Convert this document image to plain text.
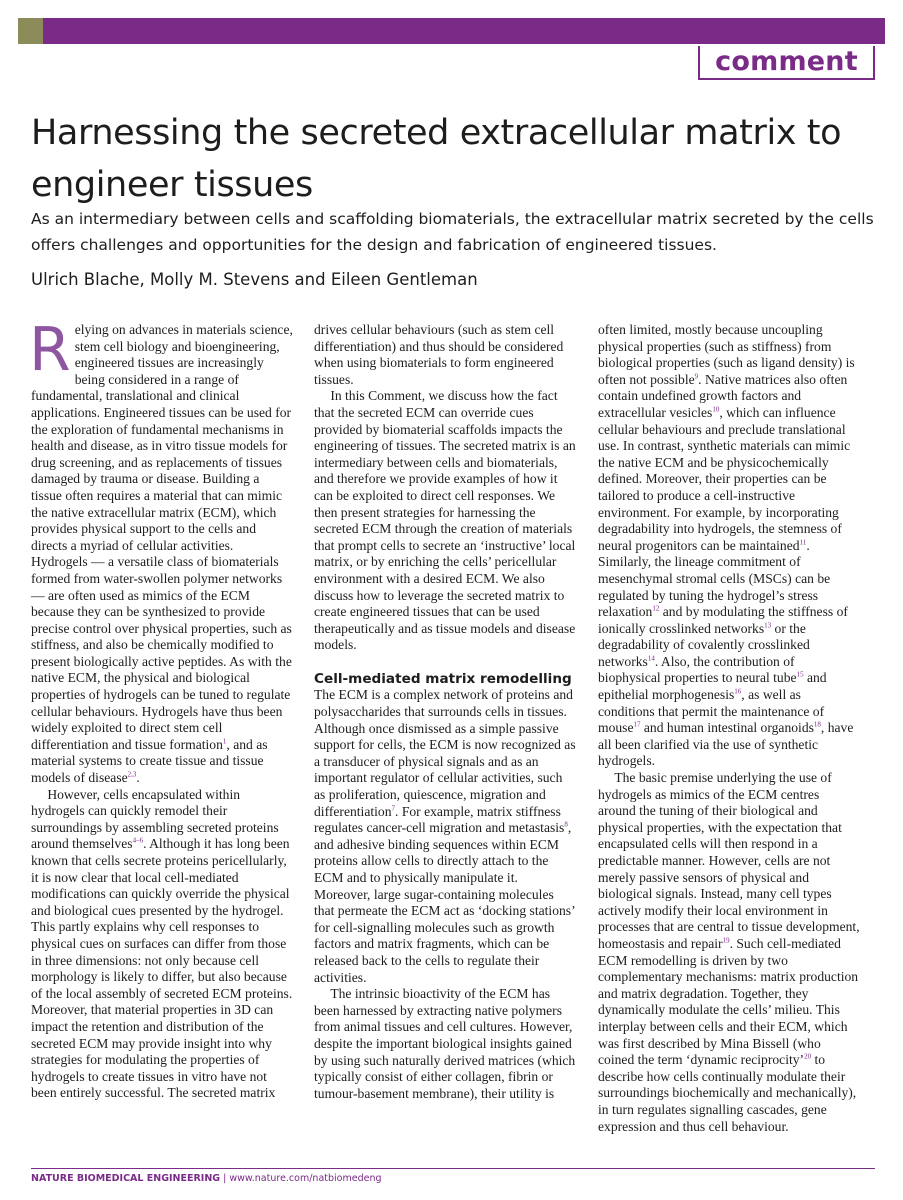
comment
Harnessing the secreted extracellular matrix to engineer tissues

As an intermediary between cells and scaffolding biomaterials, the extracellular matrix secreted by the cells offers challenges and opportunities for the design and fabrication of engineered tissues.

Ulrich Blache, Molly M. Stevens and Eileen Gentleman

Relying on advances in materials science, stem cell biology and bioengineering, engineered tissues are increasingly being considered in a range of fundamental, translational and clinical applications. Engineered tissues can be used for the exploration of fundamental mechanisms in health and disease, as in vitro tissue models for drug screening, and as replacements of tissues damaged by trauma or disease. Building a tissue often requires a material that can mimic the native extracellular matrix (ECM), which provides physical support to the cells and directs a myriad of cellular activities. Hydrogels — a versatile class of biomaterials formed from water-swollen polymer networks — are often used as mimics of the ECM because they can be synthesized to provide precise control over physical properties, such as stiffness, and also be chemically modified to present biologically active peptides. As with the native ECM, the physical and biological properties of hydrogels can be tuned to regulate cellular behaviours. Hydrogels have thus been widely exploited to direct stem cell differentiation and tissue formation$^1$, and as material systems to create tissue and tissue models of disease$^{2,3}$.

However, cells encapsulated within hydrogels can quickly remodel their surroundings by assembling secreted proteins around themselves$^{4-6}$. Although it has long been known that cells secrete proteins pericellularly, it is now clear that local cell-mediated modifications can quickly override the physical and biological cues presented by the hydrogel. This partly explains why cell responses to physical cues on surfaces can differ from those in three dimensions: not only because cell morphology is likely to differ, but also because of the local assembly of secreted ECM proteins. Moreover, that material properties in 3D can impact the retention and distribution of the secreted ECM may provide insight into why strategies for modulating the properties of hydrogels to create tissues in vitro have not been entirely successful. The secreted matrix

drives cellular behaviours (such as stem cell differentiation) and thus should be considered when using biomaterials to form engineered tissues.

In this Comment, we discuss how the fact that the secreted ECM can override cues provided by biomaterial scaffolds impacts the engineering of tissues. The secreted matrix is an intermediary between cells and biomaterials, and therefore we provide examples of how it can be exploited to direct cell responses. We then present strategies for harnessing the secreted ECM through the creation of materials that prompt cells to secrete an ‘instructive’ local matrix, or by enriching the cells’ pericellular environment with a desired ECM. We also discuss how to leverage the secreted matrix to create engineered tissues that can be used therapeutically and as tissue models and disease models.

Cell-mediated matrix remodelling

The ECM is a complex network of proteins and polysaccharides that surrounds cells in tissues. Although once dismissed as a simple passive support for cells, the ECM is now recognized as a transducer of physical signals and as an important regulator of cellular activities, such as proliferation, quiescence, migration and differentiation$^7$. For example, matrix stiffness regulates cancer-cell migration and metastasis$^8$, and adhesive binding sequences within ECM proteins allow cells to directly attach to the ECM and to physically manipulate it. Moreover, large sugar-containing molecules that permeate the ECM act as ‘docking stations’ for cell-signalling molecules such as growth factors and matrix fragments, which can be released back to the cells to regulate their activities.

The intrinsic bioactivity of the ECM has been harnessed by extracting native polymers from animal tissues and cell cultures. However, despite the important biological insights gained by using such naturally derived matrices (which typically consist of either collagen, fibrin or tumour-basement membrane), their utility is

often limited, mostly because uncoupling physical properties (such as stiffness) from biological properties (such as ligand density) is often not possible$^9$. Native matrices also often contain undefined growth factors and extracellular vesicles$^{10}$, which can influence cellular behaviours and preclude translational use. In contrast, synthetic materials can mimic the native ECM and be physicochemically defined. Moreover, their properties can be tailored to produce a cell-instructive environment. For example, by incorporating degradability into hydrogels, the stemness of neural progenitors can be maintained$^{11}$. Similarly, the lineage commitment of mesenchymal stromal cells (MSCs) can be regulated by tuning the hydrogel’s stress relaxation$^{12}$ and by modulating the stiffness of ionically crosslinked networks$^{13}$ or the degradability of covalently crosslinked networks$^{14}$. Also, the contribution of biophysical properties to neural tube$^{15}$ and epithelial morphogenesis$^{16}$, as well as conditions that permit the maintenance of mouse$^{17}$ and human intestinal organoids$^{18}$, have all been clarified via the use of synthetic hydrogels.

The basic premise underlying the use of hydrogels as mimics of the ECM centres around the tuning of their biological and physical properties, with the expectation that encapsulated cells will then respond in a predictable manner. However, cells are not merely passive sensors of physical and biological signals. Instead, many cell types actively modify their local environment in processes that are central to tissue development, homeostasis and repair$^{19}$. Such cell-mediated ECM remodelling is driven by two complementary mechanisms: matrix production and matrix degradation. Together, they dynamically modulate the cells’ milieu. This interplay between cells and their ECM, which was first described by Mina Bissell (who coined the term ‘dynamic reciprocity’$^{20}$ to describe how cells continually modulate their surroundings biochemically and mechanically), in turn regulates signalling cascades, gene expression and thus cell behaviour.

NATURE BIOMEDICAL ENGINEERING | www.nature.com/natbiomedeng
